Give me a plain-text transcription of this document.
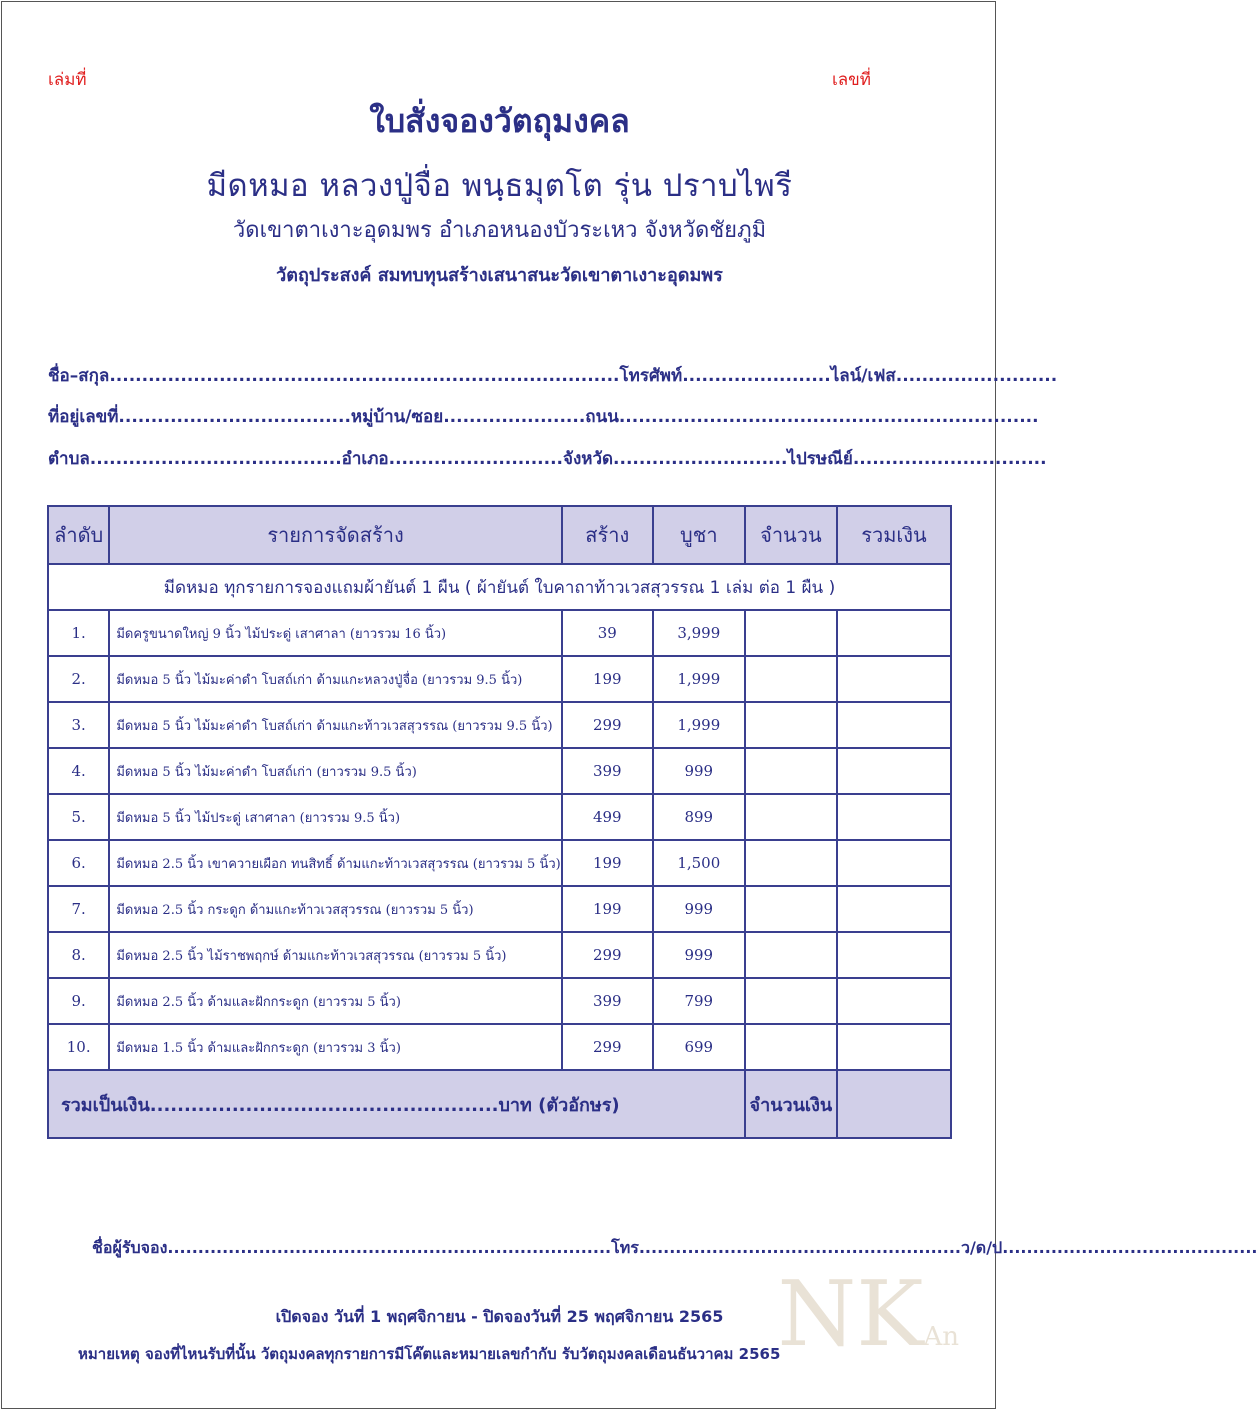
เล่มที่	เลขที่
ใบสั่งจองวัตถุมงคล
มีดหมอ หลวงปู่จื่อ พนฺธมุตโต รุ่น ปราบไพรี
วัดเขาตาเงาะอุดมพร อำเภอหนองบัวระเหว จังหวัดชัยภูมิ
วัตถุประสงค์ สมทบทุนสร้างเสนาสนะวัดเขาตาเงาะอุดมพร
ชื่อ–สกุล...............................................................................โทรศัพท์.......................ไลน์/เฟส.........................
ที่อยู่เลขที่....................................หมู่บ้าน/ซอย......................ถนน.................................................................
ตำบล.......................................อำเภอ...........................จังหวัด...........................ไปรษณีย์..............................
ลำดับ	รายการจัดสร้าง	สร้าง	บูชา	จำนวน	รวมเงิน
มีดหมอ ทุกรายการจองแถมผ้ายันต์ 1 ผืน ( ผ้ายันต์ ใบคาถาท้าวเวสสุวรรณ 1 เล่ม ต่อ 1 ผืน )					
1.	มีดครูขนาดใหญ่ 9 นิ้ว ไม้ประดู่ เสาศาลา (ยาวรวม 16 นิ้ว)	39	3,999		
2.	มีดหมอ 5 นิ้ว ไม้มะค่าดำ โบสถ์เก่า ด้ามแกะหลวงปู่จื่อ (ยาวรวม 9.5 นิ้ว)	199	1,999		
3.	มีดหมอ 5 นิ้ว ไม้มะค่าดำ โบสถ์เก่า ด้ามแกะท้าวเวสสุวรรณ (ยาวรวม 9.5 นิ้ว)	299	1,999		
4.	มีดหมอ 5 นิ้ว ไม้มะค่าดำ โบสถ์เก่า (ยาวรวม 9.5 นิ้ว)	399	999		
5.	มีดหมอ 5 นิ้ว ไม้ประดู่ เสาศาลา (ยาวรวม 9.5 นิ้ว)	499	899		
6.	มีดหมอ 2.5 นิ้ว เขาควายเผือก ทนสิทธิ์ ด้ามแกะท้าวเวสสุวรรณ (ยาวรวม 5 นิ้ว)	199	1,500		
7.	มีดหมอ 2.5 นิ้ว กระดูก ด้ามแกะท้าวเวสสุวรรณ (ยาวรวม 5 นิ้ว)	199	999		
8.	มีดหมอ 2.5 นิ้ว ไม้ราชพฤกษ์ ด้ามแกะท้าวเวสสุวรรณ (ยาวรวม 5 นิ้ว)	299	999		
9.	มีดหมอ 2.5 นิ้ว ด้ามและฝักกระดูก (ยาวรวม 5 นิ้ว)	399	799		
10.	มีดหมอ 1.5 นิ้ว ด้ามและฝักกระดูก (ยาวรวม 3 นิ้ว)	299	699		
รวมเป็นเงิน...................................................บาท (ตัวอักษร)				จำนวนเงิน	
ชื่อผู้รับจอง.........................................................................โทร.....................................................ว/ด/ป..........................................
เปิดจอง วันที่ 1 พฤศจิกายน - ปิดจองวันที่ 25 พฤศจิกายน 2565
หมายเหตุ จองที่ไหนรับที่นั้น วัตถุมงคลทุกรายการมีโค๊ตและหมายเลขกำกับ รับวัตถุมงคลเดือนธันวาคม 2565
NKAn
